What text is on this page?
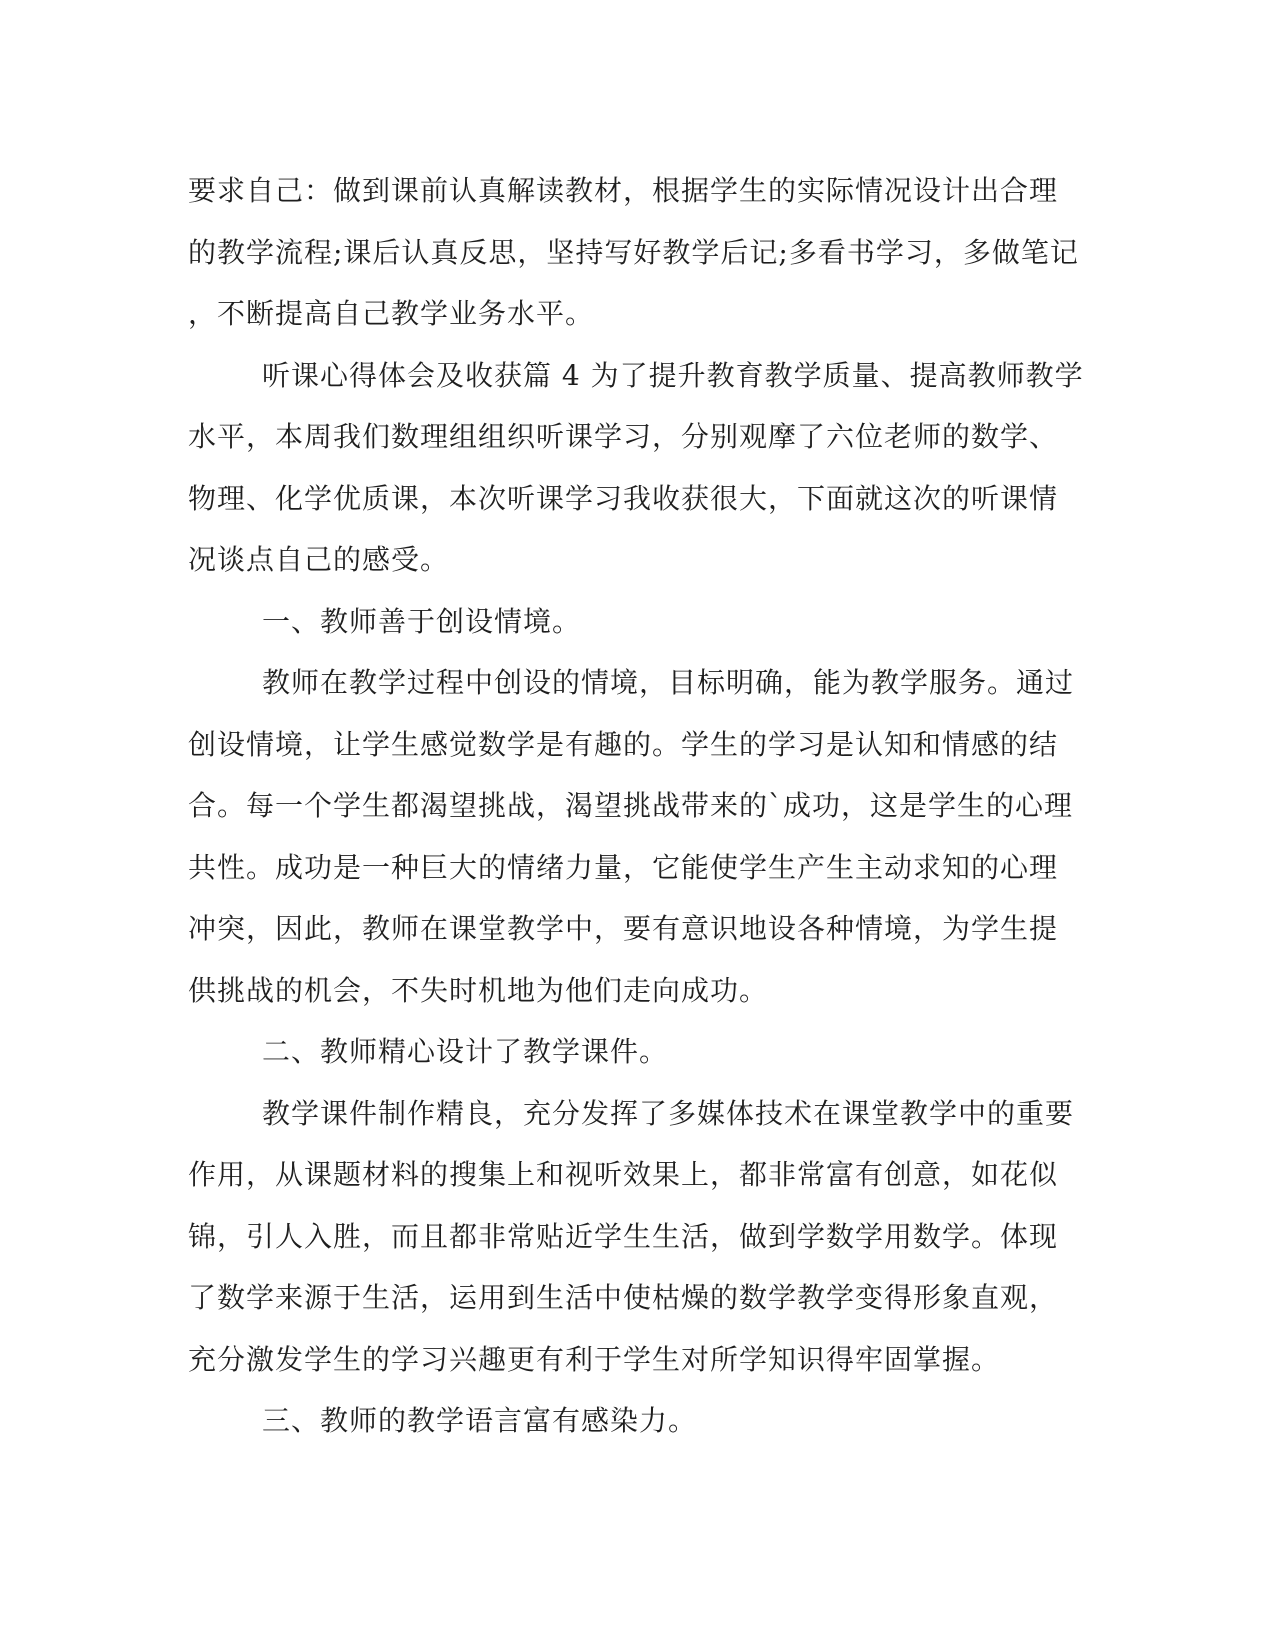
要求自己：做到课前认真解读教材，根据学生的实际情况设计出合理
的教学流程;课后认真反思，坚持写好教学后记;多看书学习，多做笔记
，不断提高自己教学业务水平。
听课心得体会及收获篇 4 为了提升教育教学质量、提高教师教学
水平，本周我们数理组组织听课学习，分别观摩了六位老师的数学、
物理、化学优质课，本次听课学习我收获很大，下面就这次的听课情
况谈点自己的感受。
一、教师善于创设情境。
教师在教学过程中创设的情境，目标明确，能为教学服务。通过
创设情境，让学生感觉数学是有趣的。学生的学习是认知和情感的结
合。每一个学生都渴望挑战，渴望挑战带来的`成功，这是学生的心理
共性。成功是一种巨大的情绪力量，它能使学生产生主动求知的心理
冲突，因此，教师在课堂教学中，要有意识地设各种情境，为学生提
供挑战的机会，不失时机地为他们走向成功。
二、教师精心设计了教学课件。
教学课件制作精良，充分发挥了多媒体技术在课堂教学中的重要
作用，从课题材料的搜集上和视听效果上，都非常富有创意，如花似
锦，引人入胜，而且都非常贴近学生生活，做到学数学用数学。体现
了数学来源于生活，运用到生活中使枯燥的数学教学变得形象直观，
充分激发学生的学习兴趣更有利于学生对所学知识得牢固掌握。
三、教师的教学语言富有感染力。
